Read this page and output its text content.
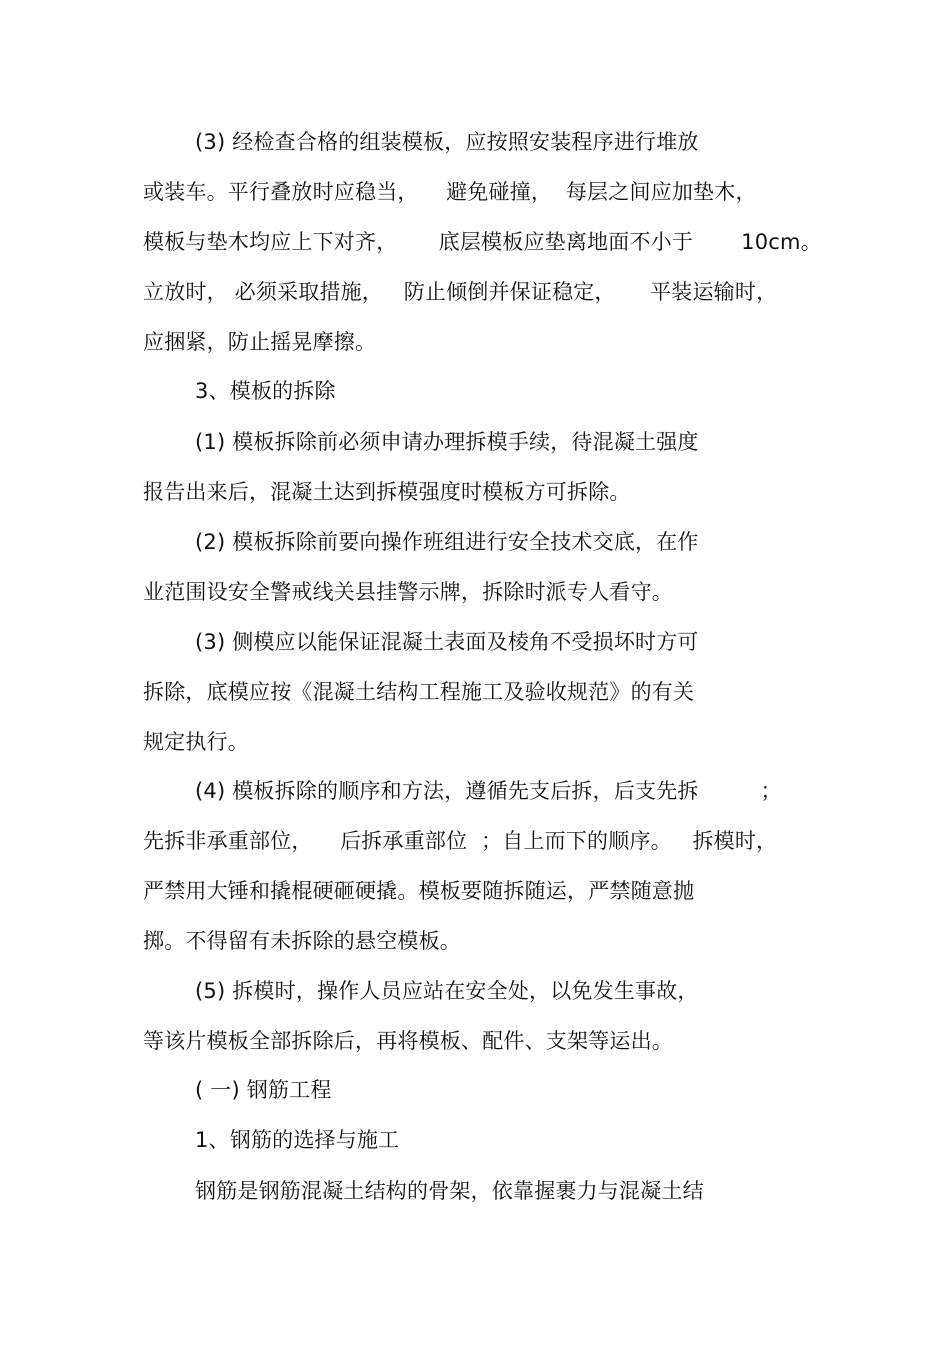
(3) 经检查合格的组装模板，应按照安装程序进行堆放
或装车。平行叠放时应稳当，    避免碰撞，  每层之间应加垫木，
模板与垫木均应上下对齐，      底层模板应垫离地面不小于       10cm。
立放时， 必须采取措施，   防止倾倒并保证稳定，     平装运输时，
应捆紧，防止摇晃摩擦。
3、模板的拆除
(1) 模板拆除前必须申请办理拆模手续，待混凝土强度
报告出来后，混凝土达到拆模强度时模板方可拆除。
(2) 模板拆除前要向操作班组进行安全技术交底，在作
业范围设安全警戒线关县挂警示牌，拆除时派专人看守。
(3) 侧模应以能保证混凝土表面及棱角不受损坏时方可
拆除，底模应按《混凝土结构工程施工及验收规范》的有关
规定执行。
(4) 模板拆除的顺序和方法，遵循先支后拆，后支先拆         ；
先拆非承重部位，    后拆承重部位  ；自上而下的顺序。   拆模时，
严禁用大锤和撬棍硬砸硬撬。模板要随拆随运，严禁随意抛
掷。不得留有未拆除的悬空模板。
(5) 拆模时，操作人员应站在安全处，以免发生事故，
等该片模板全部拆除后，再将模板、配件、支架等运出。
( 一) 钢筋工程
1、钢筋的选择与施工
钢筋是钢筋混凝土结构的骨架，依靠握裹力与混凝土结
